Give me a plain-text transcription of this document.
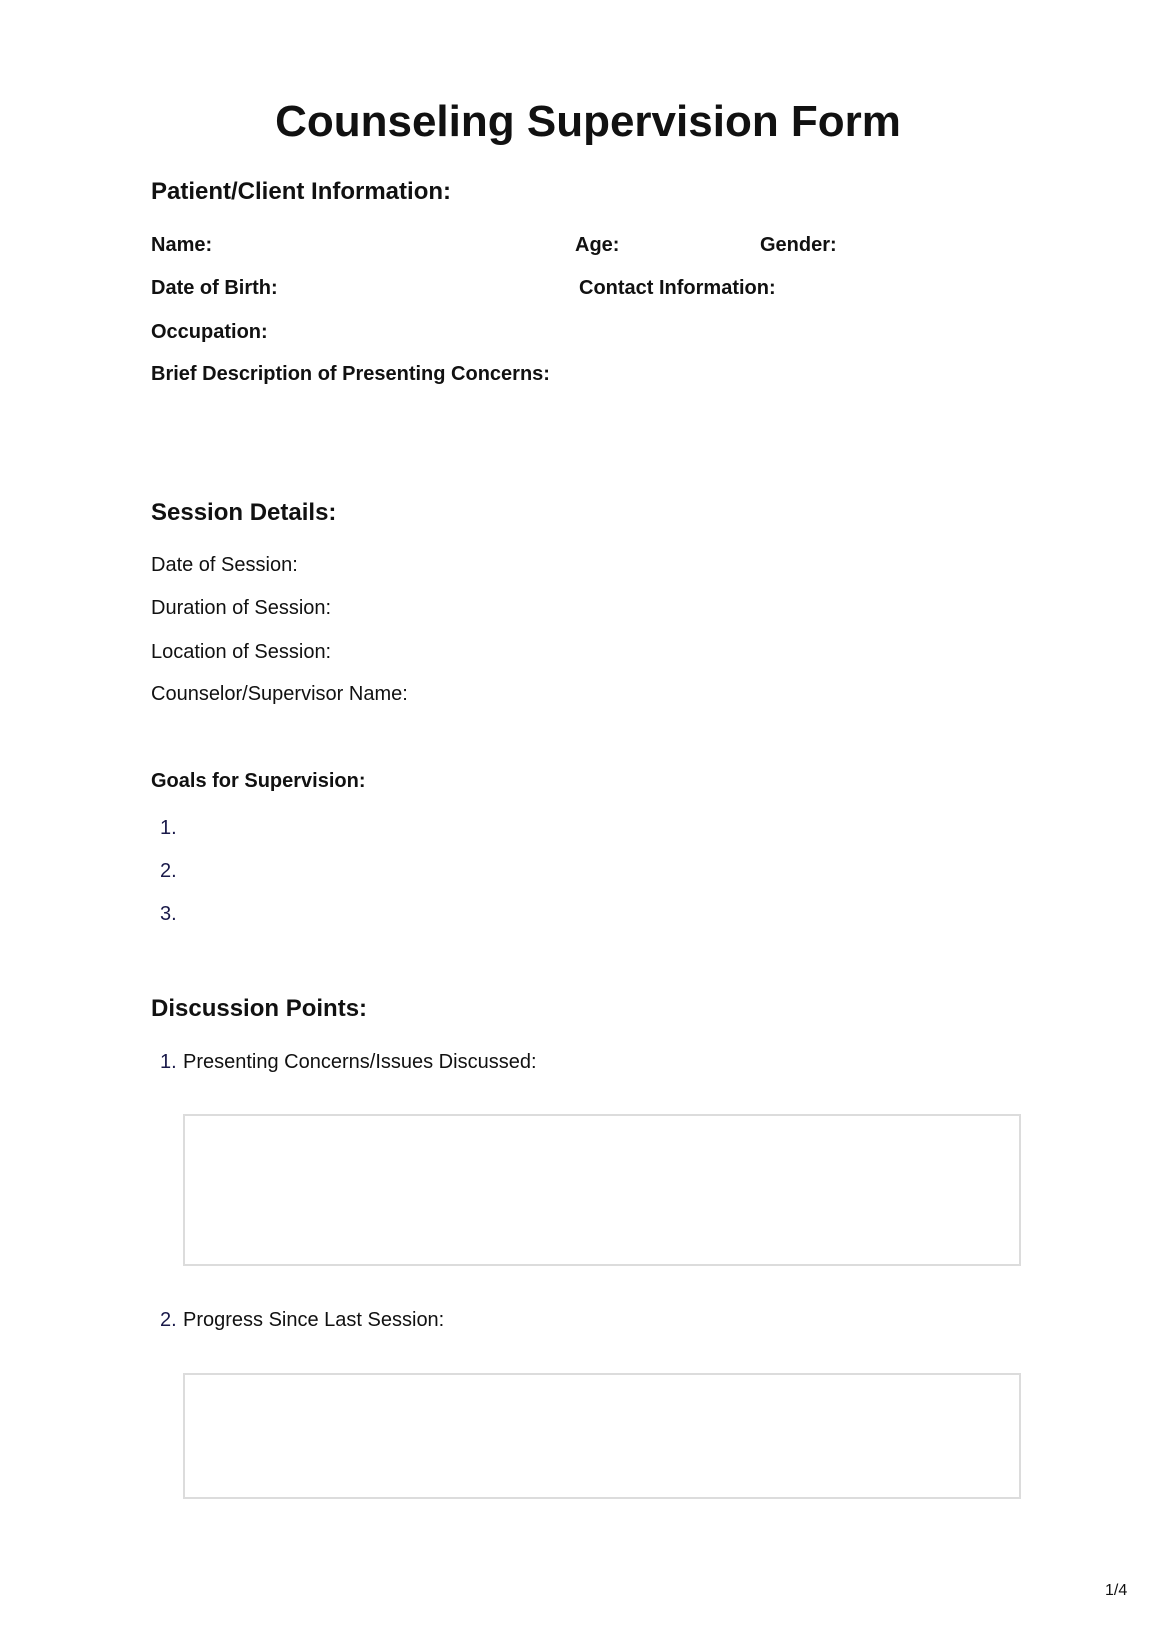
Counseling Supervision Form
Patient/Client Information:
Name:	Age:	Gender:
Date of Birth:	Contact Information:
Occupation:
Brief Description of Presenting Concerns:
Session Details:
Date of Session:
Duration of Session:
Location of Session:
Counselor/Supervisor Name:
Goals for Supervision:
1.
2.
3.
Discussion Points:
1. Presenting Concerns/Issues Discussed:
2. Progress Since Last Session:
1/4
